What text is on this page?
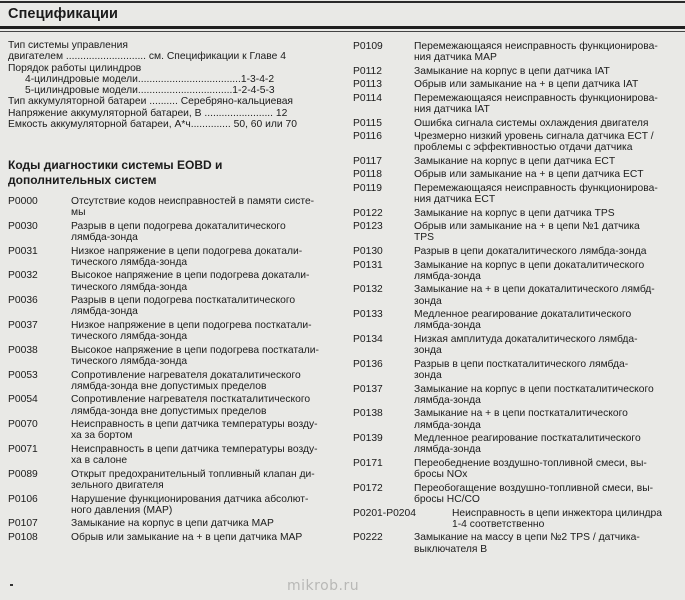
Спецификации
Тип системы управления
двигателем ............................ см. Спецификации к Главе 4
Порядок работы цилиндров
4-цилиндровые модели....................................1-3-4-2
5-цилиндровые модели.................................1-2-4-5-3
Тип аккумуляторной батареи .......... Серебряно-кальциевая
Напряжение аккумуляторной батареи, В ........................ 12
Емкость аккумуляторной батареи, А*ч.............. 50, 60 или 70
Коды диагностики системы EOBD и
дополнительных систем
P0000	Отсутствие кодов неисправностей в памяти систе-
мы
P0030	Разрыв в цепи подогрева докаталитического
лямбда-зонда
P0031	Низкое напряжение в цепи подогрева докатали-
тического лямбда-зонда
P0032	Высокое напряжение в цепи подогрева докатали-
тического лямбда-зонда
P0036	Разрыв в цепи подогрева посткаталитического
лямбда-зонда
P0037	Низкое напряжение в цепи подогрева посткатали-
тического лямбда-зонда
P0038	Высокое напряжение в цепи подогрева посткатали-
тического лямбда-зонда
P0053	Сопротивление нагревателя докаталитического
лямбда-зонда вне допустимых пределов
P0054	Сопротивление нагревателя посткаталитического
лямбда-зонда вне допустимых пределов
P0070	Неисправность в цепи датчика температуры возду-
ха за бортом
P0071	Неисправность в цепи датчика температуры возду-
ха в салоне
P0089	Открыт предохранительный топливный клапан ди-
зельного двигателя
P0106	Нарушение функционирования датчика абсолют-
ного давления (MAP)
P0107	Замыкание на корпус в цепи датчика MAP
P0108	Обрыв или замыкание на + в цепи датчика MAP
P0109	Перемежающаяся неисправность функционирова-
ния датчика MAP
P0112	Замыкание на корпус в цепи датчика IAT
P0113	Обрыв или замыкание на + в цепи датчика IAT
P0114	Перемежающаяся неисправность функционирова-
ния датчика IAT
P0115	Ошибка сигнала системы охлаждения двигателя
P0116	Чрезмерно низкий уровень сигнала датчика ECT /
проблемы с эффективностью отдачи датчика
P0117	Замыкание на корпус в цепи датчика ECT
P0118	Обрыв или замыкание на + в цепи датчика ECT
P0119	Перемежающаяся неисправность функционирова-
ния датчика ECT
P0122	Замыкание на корпус в цепи датчика TPS
P0123	Обрыв или замыкание на + в цепи №1 датчика
TPS
P0130	Разрыв в цепи докаталитического лямбда-зонда
P0131	Замыкание на корпус в цепи докаталитического
лямбда-зонда
P0132	Замыкание на + в цепи докаталитического лямбд-
зонда
P0133	Медленное реагирование докаталитического
лямбда-зонда
P0134	Низкая амплитуда докаталитического лямбда-
зонда
P0136	Разрыв в цепи посткаталитического лямбда-
зонда
P0137	Замыкание на корпус в цепи посткаталитического
лямбда-зонда
P0138	Замыкание на + в цепи посткаталитического
лямбда-зонда
P0139	Медленное реагирование посткаталитического
лямбда-зонда
P0171	Переобеднение воздушно-топливной смеси, вы-
бросы NOx
P0172	Переобогащение воздушно-топливной смеси, вы-
бросы HC/CO
P0201-P0204	Неисправность в цепи инжектора цилиндра
1-4 соответственно
P0222	Замыкание на массу в цепи №2 TPS / датчика-
выключателя В
mikrob.ru
